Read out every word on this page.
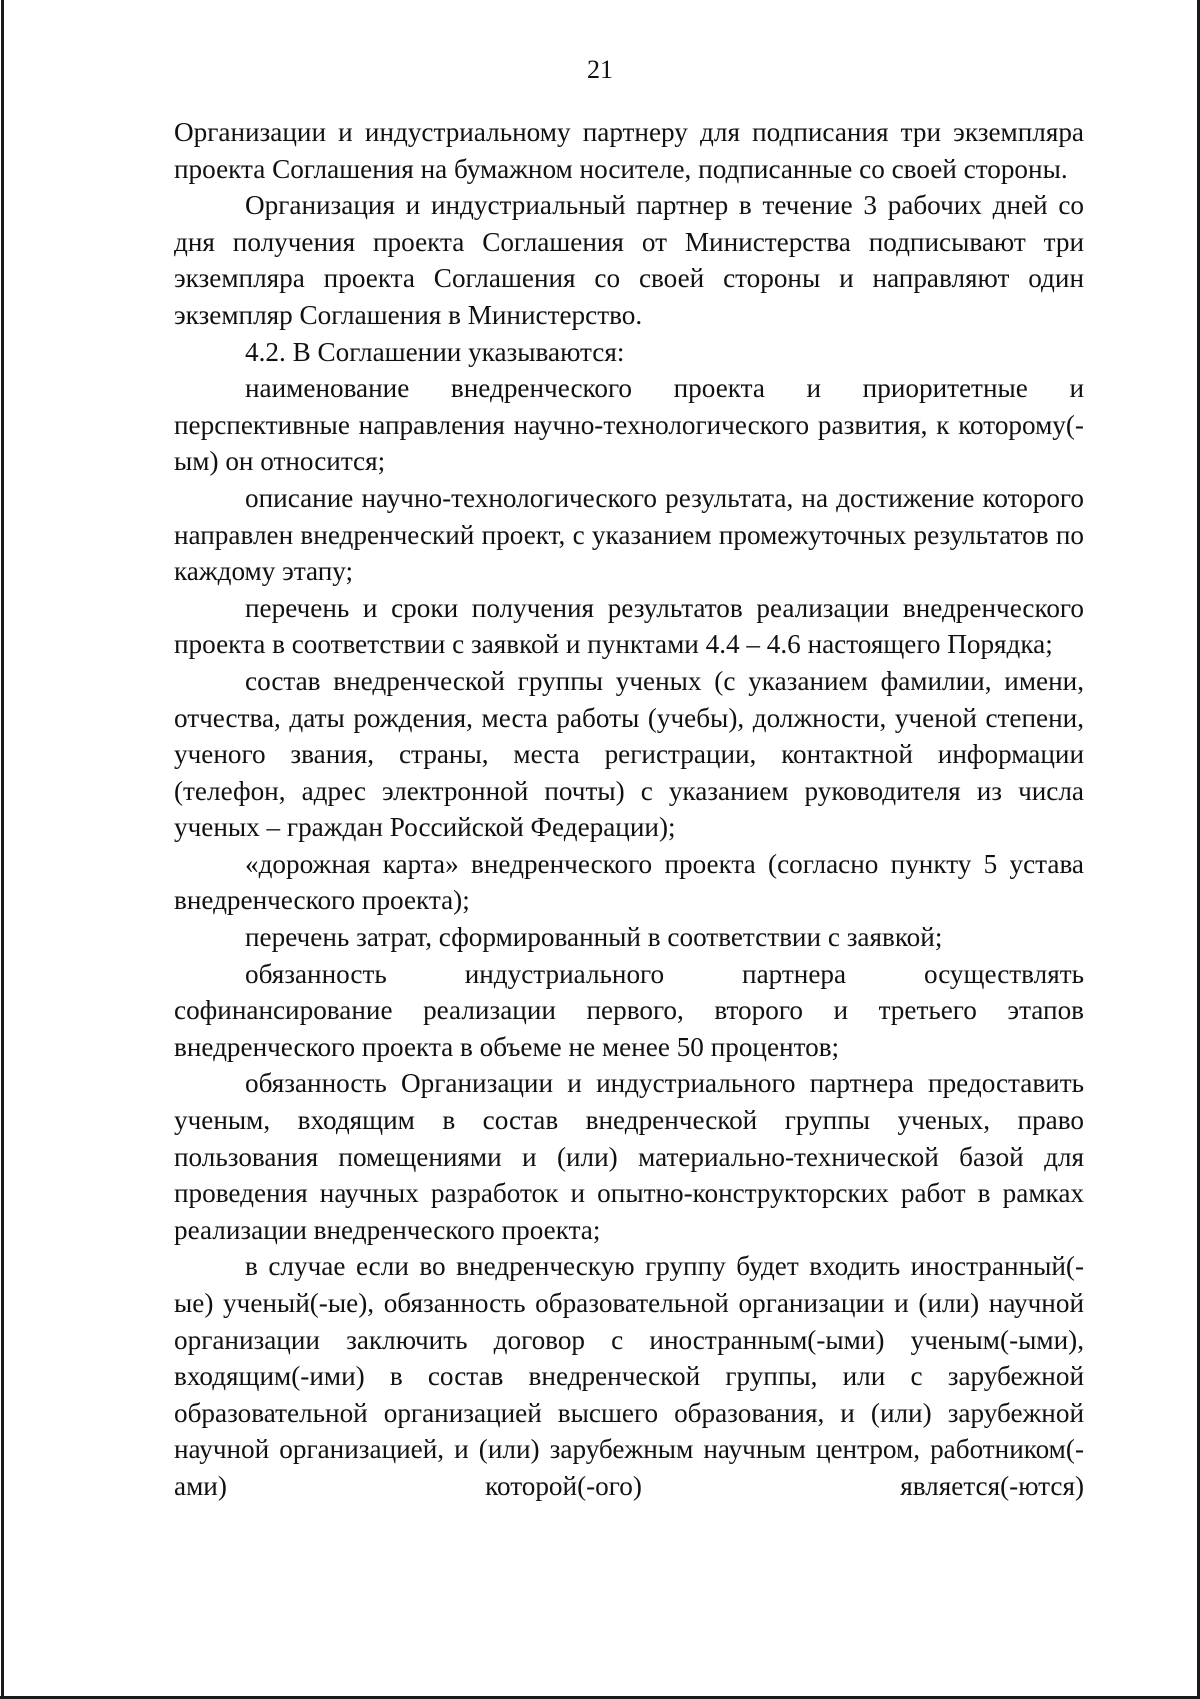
21

Организации и индустриальному партнеру для подписания три экземпляра проекта Соглашения на бумажном носителе, подписанные со своей стороны.

Организация и индустриальный партнер в течение 3 рабочих дней со дня получения проекта Соглашения от Министерства подписывают три экземпляра проекта Соглашения со своей стороны и направляют один экземпляр Соглашения в Министерство.

4.2. В Соглашении указываются:

наименование внедренческого проекта и приоритетные и перспективные направления научно-технологического развития, к которому(-ым) он относится;

описание научно-технологического результата, на достижение которого направлен внедренческий проект, с указанием промежуточных результатов по каждому этапу;

перечень и сроки получения результатов реализации внедренческого проекта в соответствии с заявкой и пунктами 4.4 – 4.6 настоящего Порядка;

состав внедренческой группы ученых (с указанием фамилии, имени, отчества, даты рождения, места работы (учебы), должности, ученой степени, ученого звания, страны, места регистрации, контактной информации (телефон, адрес электронной почты) с указанием руководителя из числа ученых – граждан Российской Федерации);

«дорожная карта» внедренческого проекта (согласно пункту 5 устава внедренческого проекта);

перечень затрат, сформированный в соответствии с заявкой;

обязанность индустриального партнера осуществлять софинансирование реализации первого, второго и третьего этапов внедренческого проекта в объеме не менее 50 процентов;

обязанность Организации и индустриального партнера предоставить ученым, входящим в состав внедренческой группы ученых, право пользования помещениями и (или) материально-технической базой для проведения научных разработок и опытно-конструкторских работ в рамках реализации внедренческого проекта;

в случае если во внедренческую группу будет входить иностранный(-ые) ученый(-ые), обязанность образовательной организации и (или) научной организации заключить договор с иностранным(-ыми) ученым(-ыми), входящим(-ими) в состав внедренческой группы, или с зарубежной образовательной организацией высшего образования, и (или) зарубежной научной организацией, и (или) зарубежным научным центром, работником(-ами) которой(-ого) является(-ются)
